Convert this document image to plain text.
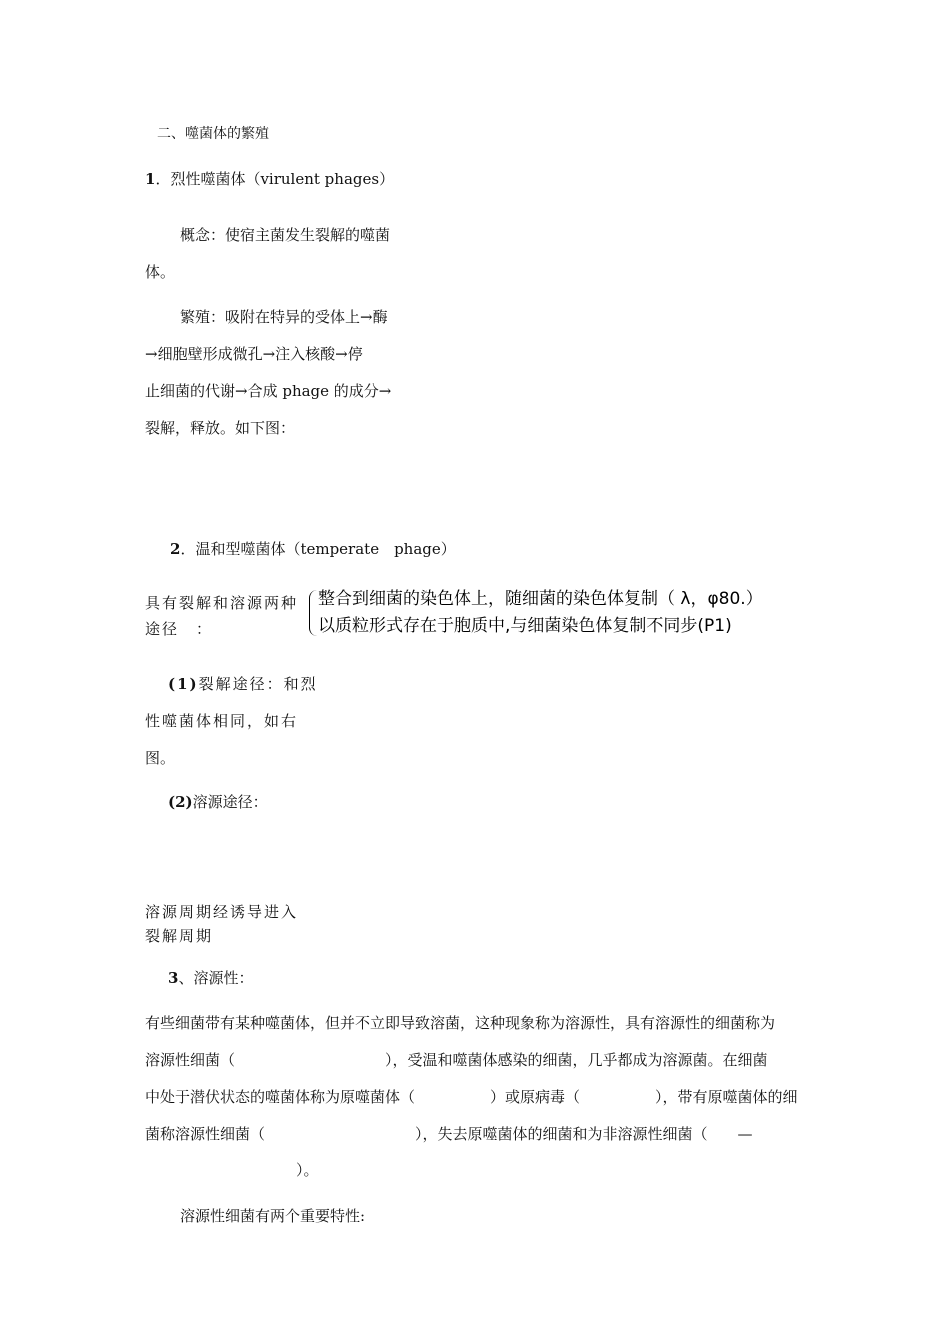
二、噬菌体的繁殖
1．烈性噬菌体（virulent phages）
概念：使宿主菌发生裂解的噬菌
体。
繁殖：吸附在特异的受体上→酶
→细胞壁形成微孔→注入核酸→停
止细菌的代谢→合成 phage 的成分→
裂解，释放。如下图：
2．温和型噬菌体（temperate　phage）
具有裂解和溶源两种
途径　：
整合到细菌的染色体上，随细菌的染色体复制（ λ，φ80.）
以质粒形式存在于胞质中,与细菌染色体复制不同步(P1)
(1)裂解途径：和烈
性噬菌体相同，如右
图。
(2)溶源途径：
溶源周期经诱导进入
裂解周期
3、溶源性：
有些细菌带有某种噬菌体，但并不立即导致溶菌，这种现象称为溶源性，具有溶源性的细菌称为
溶源性细菌（　　　　　　　　　　），受温和噬菌体感染的细菌，几乎都成为溶源菌。在细菌
中处于潜伏状态的噬菌体称为原噬菌体（　　　　　）或原病毒（　　　　　），带有原噬菌体的细
菌称溶源性细菌（　　　　　　　　　　），失去原噬菌体的细菌和为非溶源性细菌（　　—
）。
溶源性细菌有两个重要特性:
